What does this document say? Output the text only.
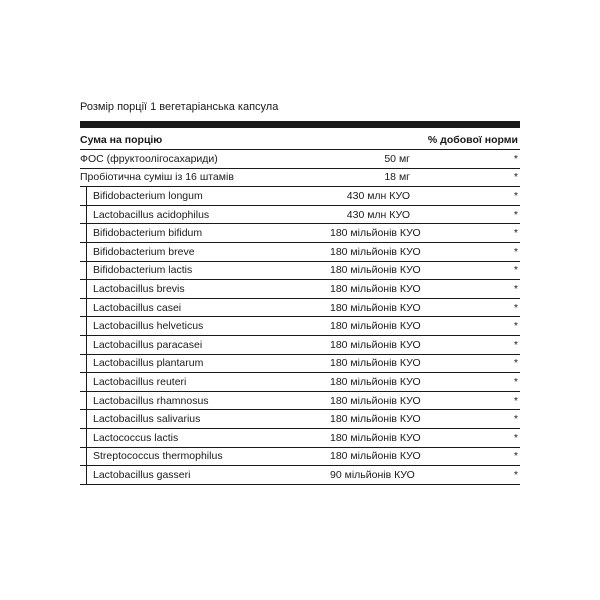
Розмір порції 1 вегетаріанська капсула
Сума на порцію	% добової норми
ФОС (фруктоолігосахариди)	50 мг	*
Пробіотична суміш із 16 штамів	18 мг	*
Bifidobacterium longum	430 млн КУО	*
Lactobacillus acidophilus	430 млн КУО	*
Bifidobacterium bifidum	180 мільйонів КУО	*
Bifidobacterium breve	180 мільйонів КУО	*
Bifidobacterium lactis	180 мільйонів КУО	*
Lactobacillus brevis	180 мільйонів КУО	*
Lactobacillus casei	180 мільйонів КУО	*
Lactobacillus helveticus	180 мільйонів КУО	*
Lactobacillus paracasei	180 мільйонів КУО	*
Lactobacillus plantarum	180 мільйонів КУО	*
Lactobacillus reuteri	180 мільйонів КУО	*
Lactobacillus rhamnosus	180 мільйонів КУО	*
Lactobacillus salivarius	180 мільйонів КУО	*
Lactococcus lactis	180 мільйонів КУО	*
Streptococcus thermophilus	180 мільйонів КУО	*
Lactobacillus gasseri	90 мільйонів КУО	*
